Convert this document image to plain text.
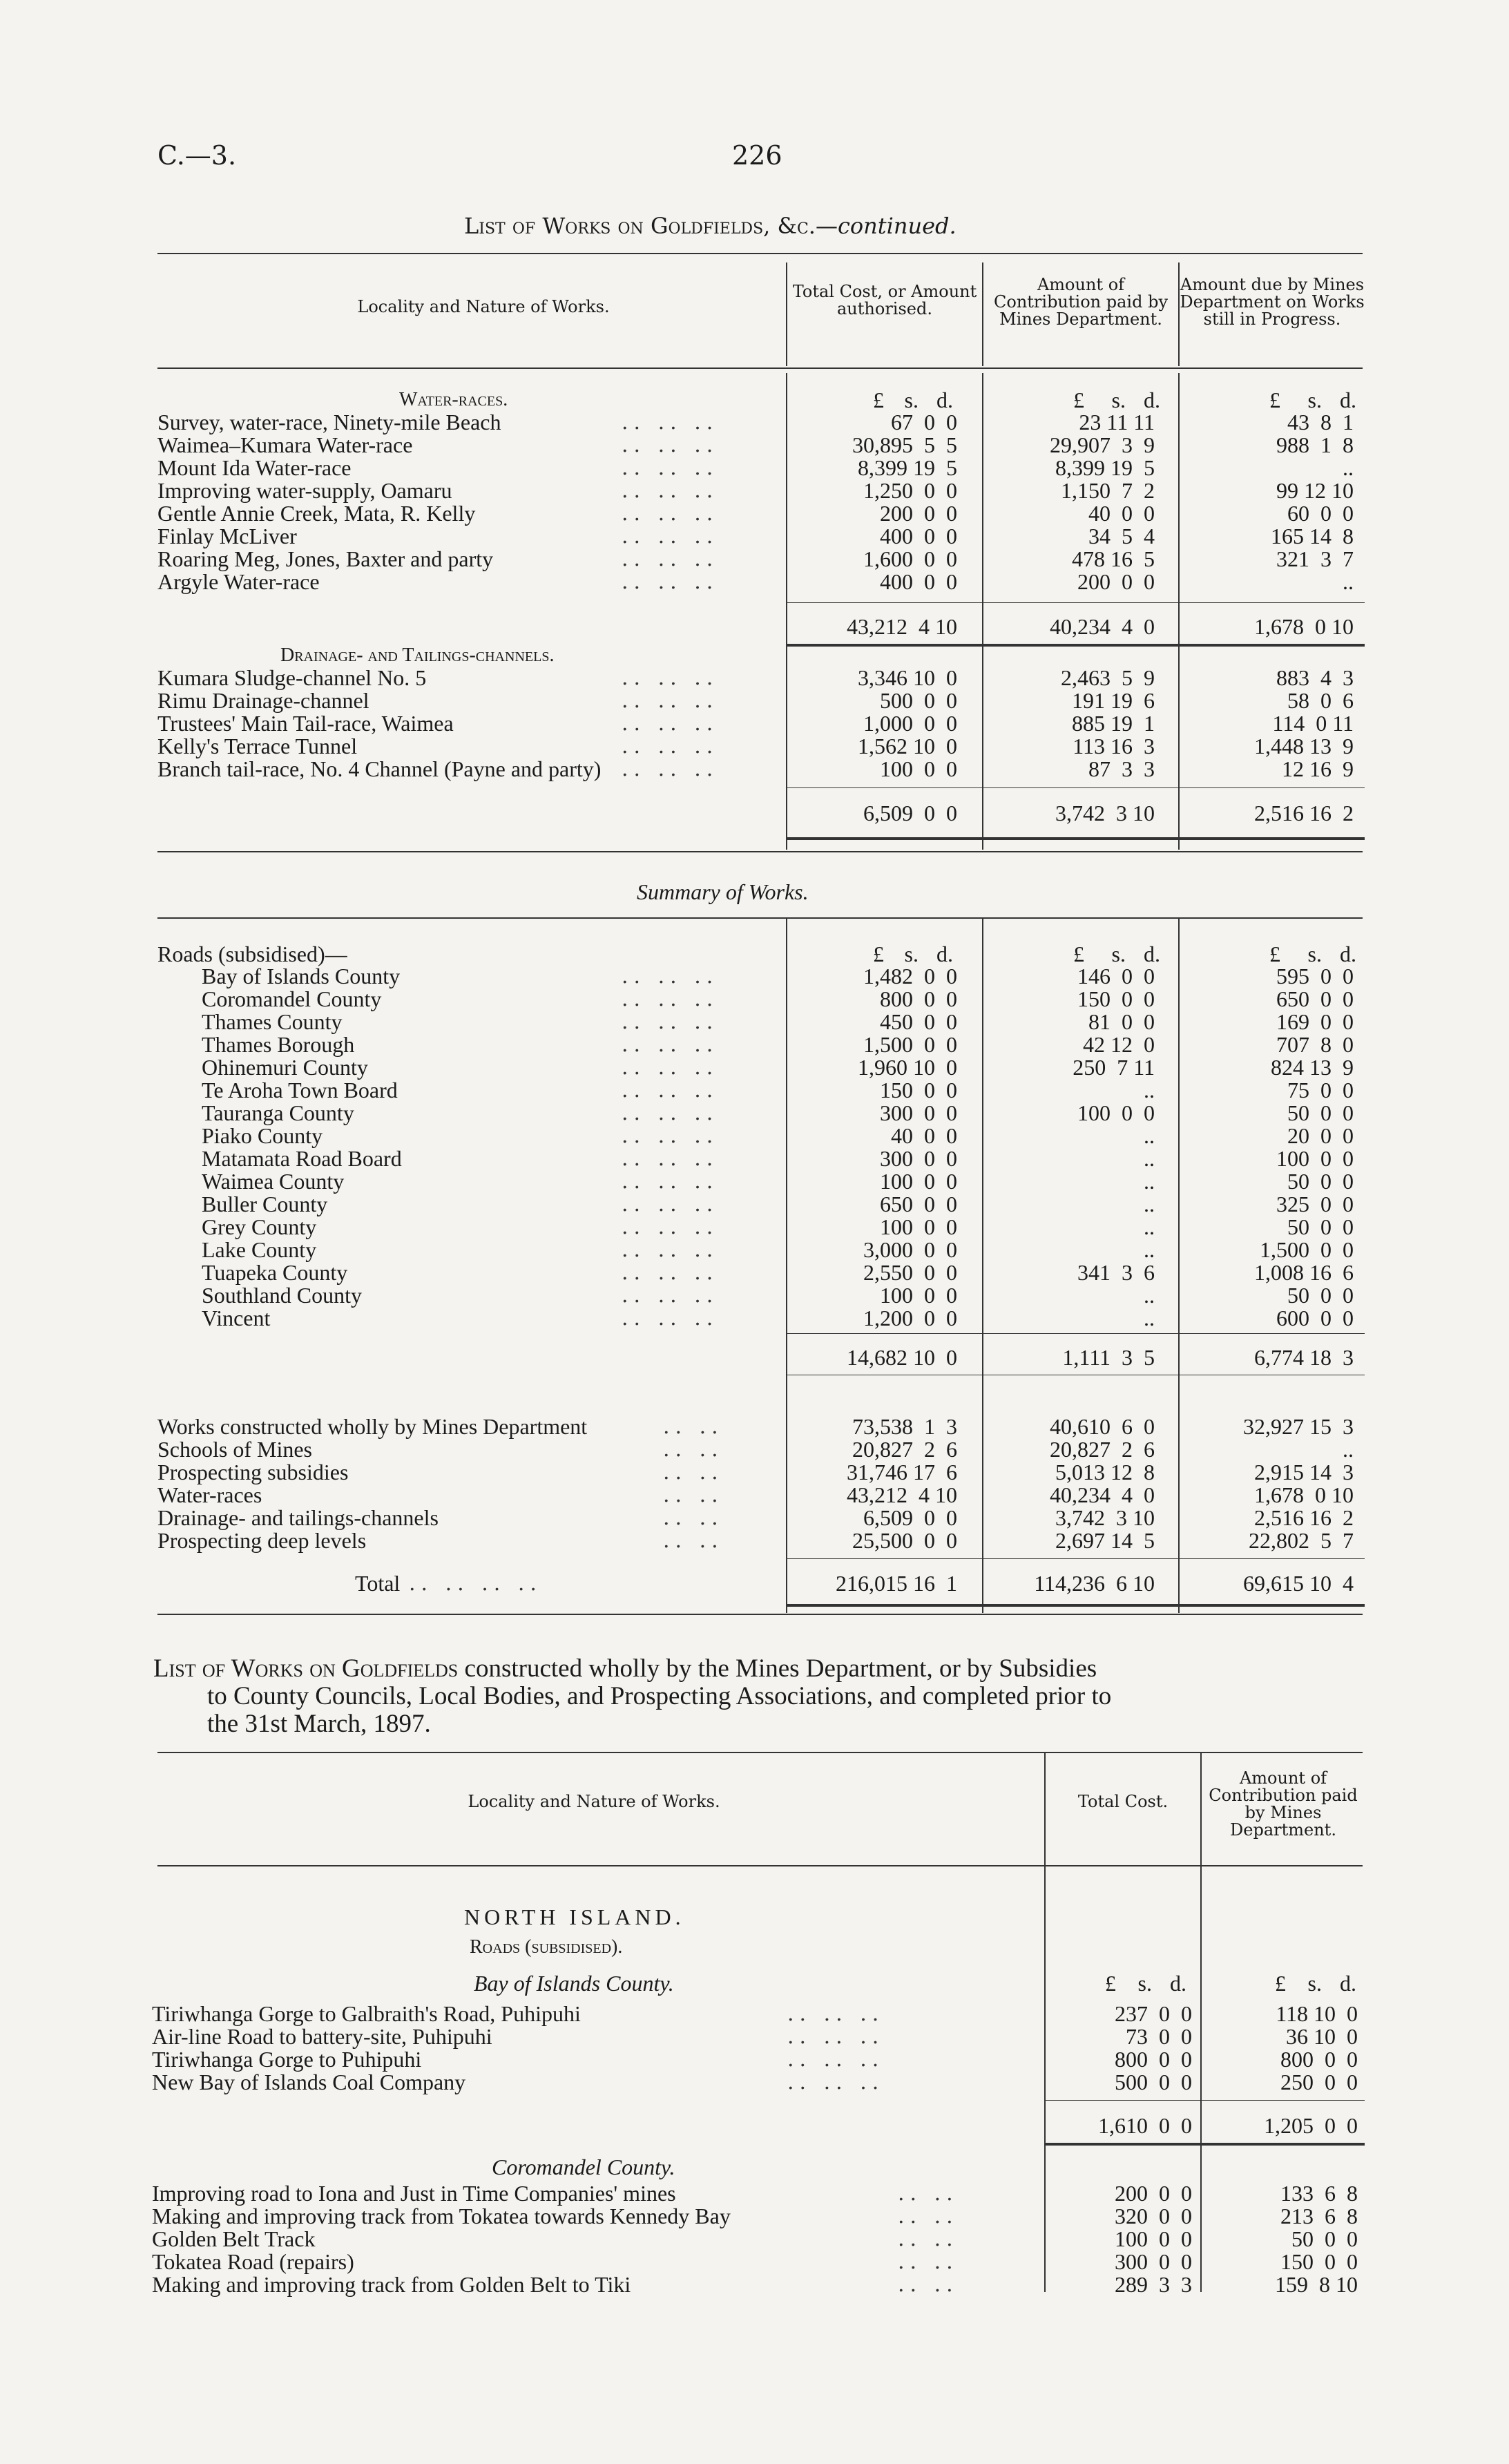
C.—3.	226
List of Works on Goldfields, &c.—continued.
Locality and Nature of Works.
Total Cost, or Amount authorised.
Amount of Contribution paid by Mines Department.
Amount due by Mines Department on Works still in Progress.
Water-races.	£ s. d.	£	s. d.	£	s. d.
Survey, water-race, Ninety-mile Beach	.. .. ..	67  0  0	23 11 11	43  8  1
Waimea–Kumara Water-race	.. .. ..	30,895  5  5	29,907  3  9	988  1  8
Mount Ida Water-race	.. .. ..	8,399 19  5	8,399 19  5	..
Improving water-supply, Oamaru	.. .. ..	1,250  0  0	1,150  7  2	99 12 10
Gentle Annie Creek, Mata, R. Kelly	.. .. ..	200  0  0	40  0  0	60  0  0
Finlay McLiver	.. .. ..	400  0  0	34  5  4	165 14  8
Roaring Meg, Jones, Baxter and party	.. .. ..	1,600  0  0	478 16  5	321  3  7
Argyle Water-race	.. .. ..	400  0  0	200  0  0	..
43,212  4 10	40,234  4  0	1,678  0 10
Drainage- and Tailings-channels.
Kumara Sludge-channel No. 5	.. .. ..	3,346 10  0	2,463  5  9	883  4  3
Rimu Drainage-channel	.. .. ..	500  0  0	191 19  6	58  0  6
Trustees' Main Tail-race, Waimea	.. .. ..	1,000  0  0	885 19  1	114  0 11
Kelly's Terrace Tunnel	.. .. ..	1,562 10  0	113 16  3	1,448 13  9
Branch tail-race, No. 4 Channel (Payne and party) .. .. ..	100  0  0	87  3  3	12 16  9
6,509  0  0	3,742  3 10	2,516 16  2
Summary of Works.
Roads (subsidised)—	£ s. d.	£	s. d.	£	s. d.
Bay of Islands County	.. .. ..	1,482  0  0	146  0  0	595  0  0
Coromandel County	.. .. ..	800  0  0	150  0  0	650  0  0
Thames County	.. .. ..	450  0  0	81  0  0	169  0  0
Thames Borough	.. .. ..	1,500  0  0	42 12  0	707  8  0
Ohinemuri County	.. .. ..	1,960 10  0	250  7 11	824 13  9
Te Aroha Town Board	.. .. ..	150  0  0	..	75  0  0
Tauranga County	.. .. ..	300  0  0	100  0  0	50  0  0
Piako County	.. .. ..	40  0  0	..	20  0  0
Matamata Road Board	.. .. ..	300  0  0	..	100  0  0
Waimea County	.. .. ..	100  0  0	..	50  0  0
Buller County	.. .. ..	650  0  0	..	325  0  0
Grey County	.. .. ..	100  0  0	..	50  0  0
Lake County	.. .. ..	3,000  0  0	..	1,500  0  0
Tuapeka County	.. .. ..	2,550  0  0	341  3  6	1,008 16  6
Southland County	.. .. ..	100  0  0	..	50  0  0
Vincent	.. .. ..	1,200  0  0	..	600  0  0
14,682 10  0	1,111  3  5	6,774 18  3
Works constructed wholly by Mines Department	.. ..	73,538  1  3	40,610  6  0	32,927 15  3
Schools of Mines	.. ..	20,827  2  6	20,827  2  6	..
Prospecting subsidies	.. ..	31,746 17  6	5,013 12  8	2,915 14  3
Water-races	.. ..	43,212  4 10	40,234  4  0	1,678  0 10
Drainage- and tailings-channels	.. ..	6,509  0  0	3,742  3 10	2,516 16  2
Prospecting deep levels	.. ..	25,500  0  0	2,697 14  5	22,802  5  7
Total .. .. .. ..	216,015 16  1	114,236  6 10	69,615 10  4
List of Works on Goldfields constructed wholly by the Mines Department, or by Subsidies
to County Councils, Local Bodies, and Prospecting Associations, and completed prior to
the 31st March, 1897.
Locality and Nature of Works.	Total Cost.
Amount of Contribution paid by Mines Department.
NORTH ISLAND.
Roads (subsidised).
Bay of Islands County.	£ s. d.	£ s. d.
Tiriwhanga Gorge to Galbraith's Road, Puhipuhi	.. .. ..	237  0  0	118 10  0
Air-line Road to battery-site, Puhipuhi	.. .. ..	73  0  0	36 10  0
Tiriwhanga Gorge to Puhipuhi	.. .. ..	800  0  0	800  0  0
New Bay of Islands Coal Company	.. .. ..	500  0  0	250  0  0
1,610  0  0	1,205  0  0
Coromandel County.
Improving road to Iona and Just in Time Companies' mines	.. ..	200  0  0	133  6  8
Making and improving track from Tokatea towards Kennedy Bay	.. ..	320  0  0	213  6  8
Golden Belt Track	.. ..	100  0  0	50  0  0
Tokatea Road (repairs)	.. ..	300  0  0	150  0  0
Making and improving track from Golden Belt to Tiki	.. ..	289  3  3	159  8 10
